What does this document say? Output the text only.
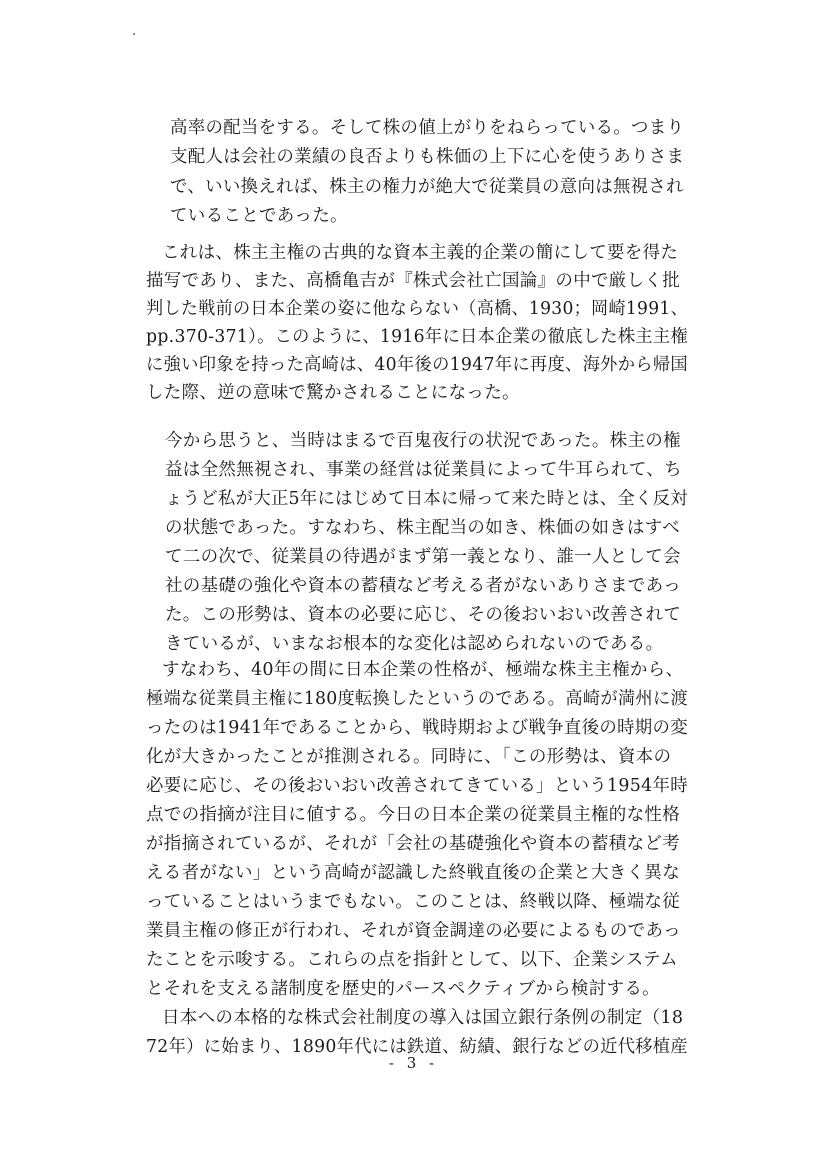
高率の配当をする。そして株の値上がりをねらっている。つまり
支配人は会社の業績の良否よりも株価の上下に心を使うありさま
で、いい換えれば、株主の権力が絶大で従業員の意向は無視され
ていることであった。
これは、株主主権の古典的な資本主義的企業の簡にして要を得た
描写であり、また、高橋亀吉が『株式会社亡国論』の中で厳しく批
判した戦前の日本企業の姿に他ならない（高橋、1930；岡崎1991、
pp.370-371）。このように、1916年に日本企業の徹底した株主主権
に強い印象を持った高崎は、40年後の1947年に再度、海外から帰国
した際、逆の意味で驚かされることになった。
今から思うと、当時はまるで百鬼夜行の状況であった。株主の権
益は全然無視され、事業の経営は従業員によって牛耳られて、ち
ょうど私が大正5年にはじめて日本に帰って来た時とは、全く反対
の状態であった。すなわち、株主配当の如き、株価の如きはすべ
て二の次で、従業員の待遇がまず第一義となり、誰一人として会
社の基礎の強化や資本の蓄積など考える者がないありさまであっ
た。この形勢は、資本の必要に応じ、その後おいおい改善されて
きているが、いまなお根本的な変化は認められないのである。
すなわち、40年の間に日本企業の性格が、極端な株主主権から、
極端な従業員主権に180度転換したというのである。高崎が満州に渡
ったのは1941年であることから、戦時期および戦争直後の時期の変
化が大きかったことが推測される。同時に、「この形勢は、資本の
必要に応じ、その後おいおい改善されてきている」という1954年時
点での指摘が注目に値する。今日の日本企業の従業員主権的な性格
が指摘されているが、それが「会社の基礎強化や資本の蓄積など考
える者がない」という高崎が認識した終戦直後の企業と大きく異な
っていることはいうまでもない。このことは、終戦以降、極端な従
業員主権の修正が行われ、それが資金調達の必要によるものであっ
たことを示唆する。これらの点を指針として、以下、企業システム
とそれを支える諸制度を歴史的パースペクティブから検討する。
日本への本格的な株式会社制度の導入は国立銀行条例の制定（18
72年）に始まり、1890年代には鉄道、紡績、銀行などの近代移植産
- 3 -
